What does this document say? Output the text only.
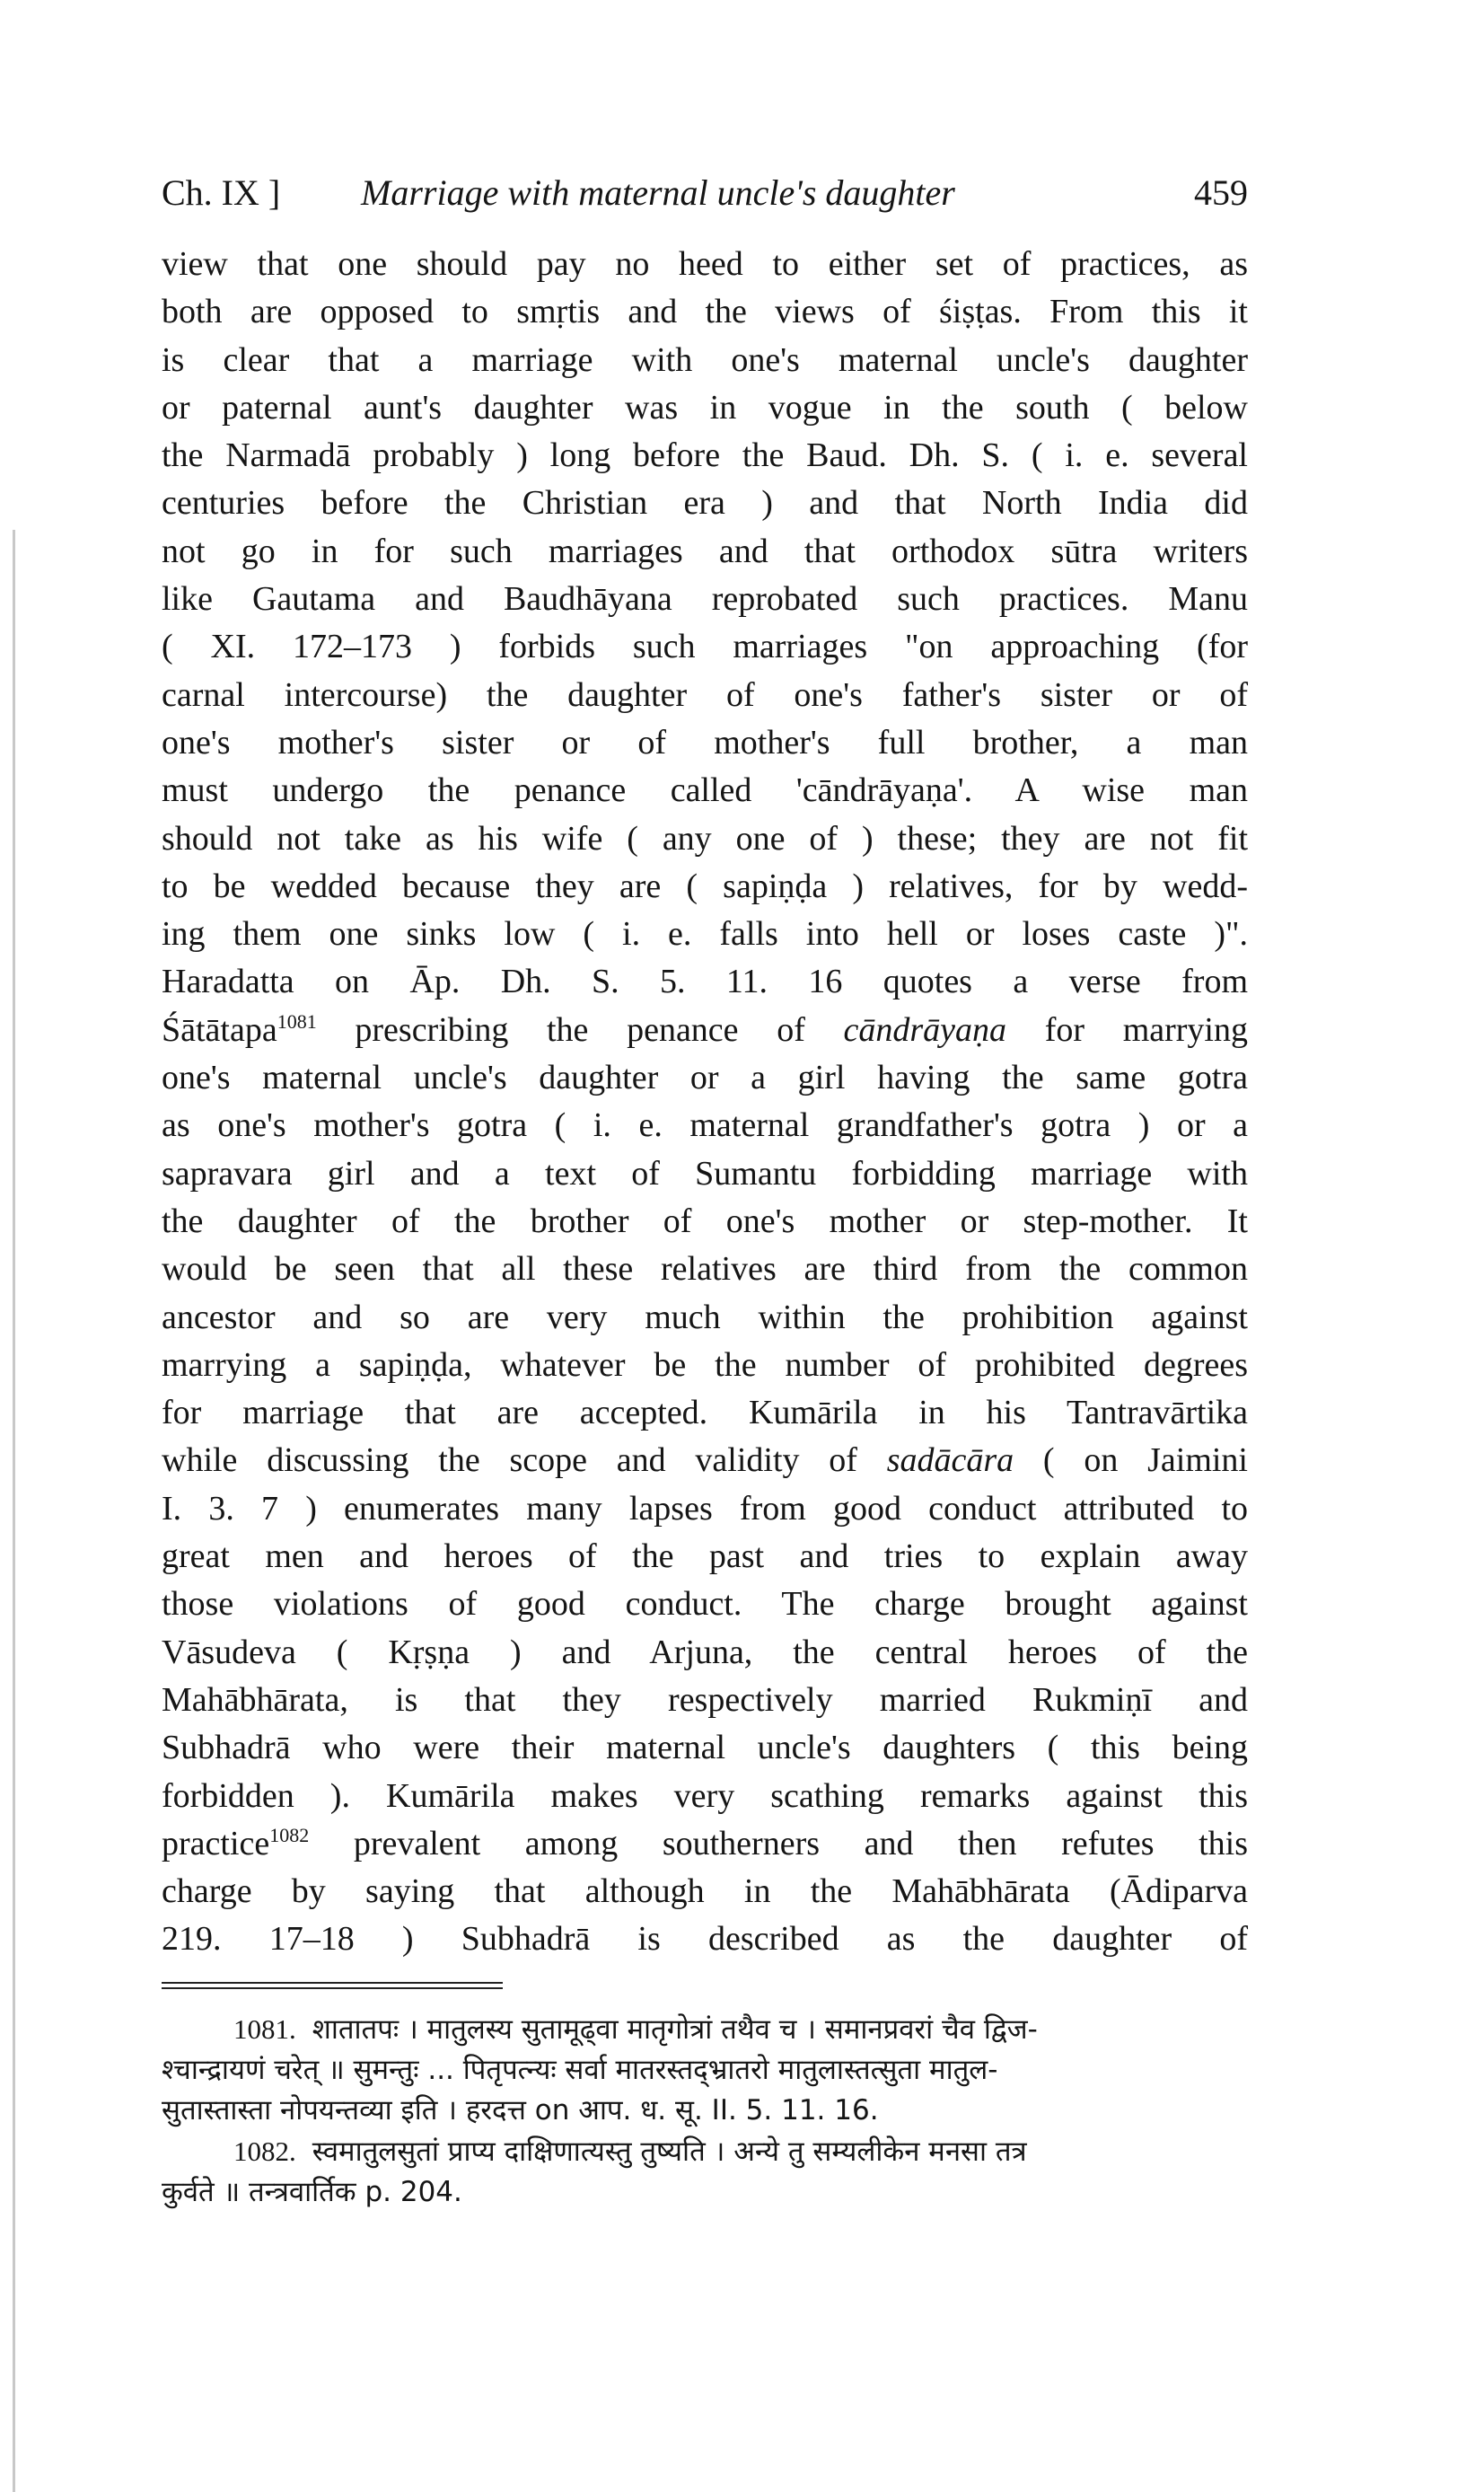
Ch. IX ] Marriage with maternal uncle's daughter	459
view that one should pay no heed to either set of practices, as
both are opposed to smṛtis and the views of śiṣṭas. From this it
is clear that a marriage with one's maternal uncle's daughter
or paternal aunt's daughter was in vogue in the south ( below
the Narmadā probably ) long before the Baud. Dh. S. ( i. e. several
centuries before the Christian era ) and that North India did
not go in for such marriages and that orthodox sūtra writers
like Gautama and Baudhāyana reprobated such practices. Manu
( XI. 172–173 ) forbids such marriages "on approaching (for
carnal intercourse) the daughter of one's father's sister or of
one's mother's sister or of mother's full brother, a man
must undergo the penance called 'cāndrāyaṇa'. A wise man
should not take as his wife ( any one of ) these; they are not fit
to be wedded because they are ( sapiṇḍa ) relatives, for by wedd-
ing them one sinks low ( i. e. falls into hell or loses caste )".
Haradatta on Āp. Dh. S. 5. 11. 16 quotes a verse from
Śātātapa$^{1081}$ prescribing the penance of cāndrāyaṇa for marrying
one's maternal uncle's daughter or a girl having the same gotra
as one's mother's gotra ( i. e. maternal grandfather's gotra ) or a
sapravara girl and a text of Sumantu forbidding marriage with
the daughter of the brother of one's mother or step-mother. It
would be seen that all these relatives are third from the common
ancestor and so are very much within the prohibition against
marrying a sapiṇḍa, whatever be the number of prohibited degrees
for marriage that are accepted. Kumārila in his Tantravārtika
while discussing the scope and validity of sadācāra ( on Jaimini
I. 3. 7 ) enumerates many lapses from good conduct attributed to
great men and heroes of the past and tries to explain away
those violations of good conduct. The charge brought against
Vāsudeva ( Kṛṣṇa ) and Arjuna, the central heroes of the
Mahābhārata, is that they respectively married Rukmiṇī and
Subhadrā who were their maternal uncle's daughters ( this being
forbidden ). Kumārila makes very scathing remarks against this
practice$^{1082}$ prevalent among southerners and then refutes this
charge by saying that although in the Mahābhārata (Ādiparva
219. 17–18 ) Subhadrā is described as the daughter of
1081. शातातपः । मातुलस्य सुतामूढ्वा मातृगोत्रां तथैव च । समानप्रवरां चैव द्विज-
श्चान्द्रायणं चरेत् ॥ सुमन्तुः ... पितृपत्न्यः सर्वा मातरस्तद्भ्रातरो मातुलास्तत्सुता मातुल-
सुतास्तास्ता नोपयन्तव्या इति । हरदत्त on आप. ध. सू. II. 5. 11. 16.
1082. स्वमातुलसुतां प्राप्य दाक्षिणात्यस्तु तुष्यति । अन्ये तु सम्यलीकेन मनसा तत्र
कुर्वते ॥ तन्त्रवार्तिक p. 204.
